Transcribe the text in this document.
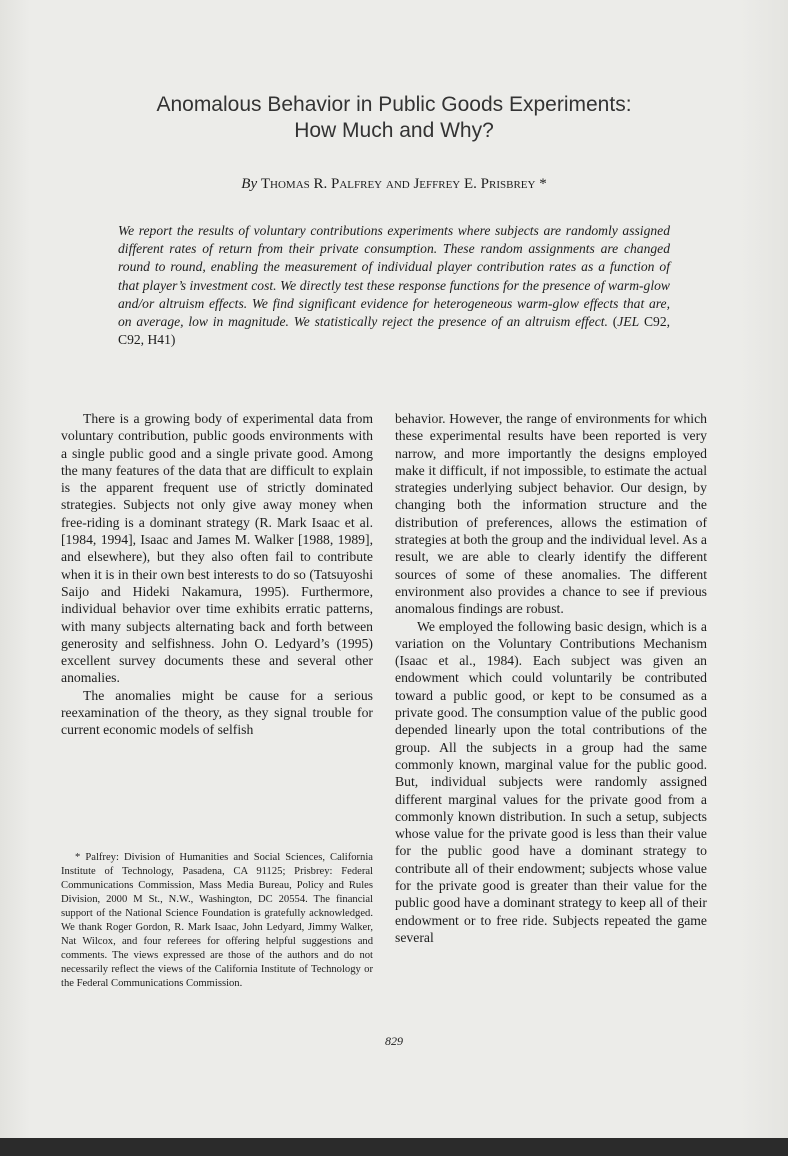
Anomalous Behavior in Public Goods Experiments:
How Much and Why?
By Thomas R. Palfrey and Jeffrey E. Prisbrey *
We report the results of voluntary contributions experiments where subjects are randomly assigned different rates of return from their private consumption. These random assignments are changed round to round, enabling the measurement of individual player contribution rates as a function of that player’s investment cost. We directly test these response functions for the presence of warm-glow and/or altruism effects. We find significant evidence for heterogeneous warm-glow effects that are, on average, low in magnitude. We statistically reject the presence of an altruism effect. (JEL C92, C92, H41)

There is a growing body of experimental data from voluntary contribution, public goods environments with a single public good and a single private good. Among the many features of the data that are difficult to explain is the apparent frequent use of strictly dominated strategies. Subjects not only give away money when free-riding is a dominant strategy (R. Mark Isaac et al. [1984, 1994], Isaac and James M. Walker [1988, 1989], and elsewhere), but they also often fail to contribute when it is in their own best interests to do so (Tatsuyoshi Saijo and Hideki Nakamura, 1995). Furthermore, individual behavior over time exhibits erratic patterns, with many subjects alternating back and forth between generosity and selfishness. John O. Ledyard’s (1995) excellent survey documents these and several other anomalies.

The anomalies might be cause for a serious reexamination of the theory, as they signal trouble for current economic models of selfish

behavior. However, the range of environments for which these experimental results have been reported is very narrow, and more importantly the designs employed make it difficult, if not impossible, to estimate the actual strategies underlying subject behavior. Our design, by changing both the information structure and the distribution of preferences, allows the estimation of strategies at both the group and the individual level. As a result, we are able to clearly identify the different sources of some of these anomalies. The different environment also provides a chance to see if previous anomalous findings are robust.

We employed the following basic design, which is a variation on the Voluntary Contributions Mechanism (Isaac et al., 1984). Each subject was given an endowment which could voluntarily be contributed toward a public good, or kept to be consumed as a private good. The consumption value of the public good depended linearly upon the total contributions of the group. All the subjects in a group had the same commonly known, marginal value for the public good. But, individual subjects were randomly assigned different marginal values for the private good from a commonly known distribution. In such a setup, subjects whose value for the private good is less than their value for the public good have a dominant strategy to contribute all of their endowment; subjects whose value for the private good is greater than their value for the public good have a dominant strategy to keep all of their endowment or to free ride. Subjects repeated the game several

* Palfrey: Division of Humanities and Social Sciences, California Institute of Technology, Pasadena, CA 91125; Prisbrey: Federal Communications Commission, Mass Media Bureau, Policy and Rules Division, 2000 M St., N.W., Washington, DC 20554. The financial support of the National Science Foundation is gratefully acknowledged. We thank Roger Gordon, R. Mark Isaac, John Ledyard, Jimmy Walker, Nat Wilcox, and four referees for offering helpful suggestions and comments. The views expressed are those of the authors and do not necessarily reflect the views of the California Institute of Technology or the Federal Communications Commission.
829
